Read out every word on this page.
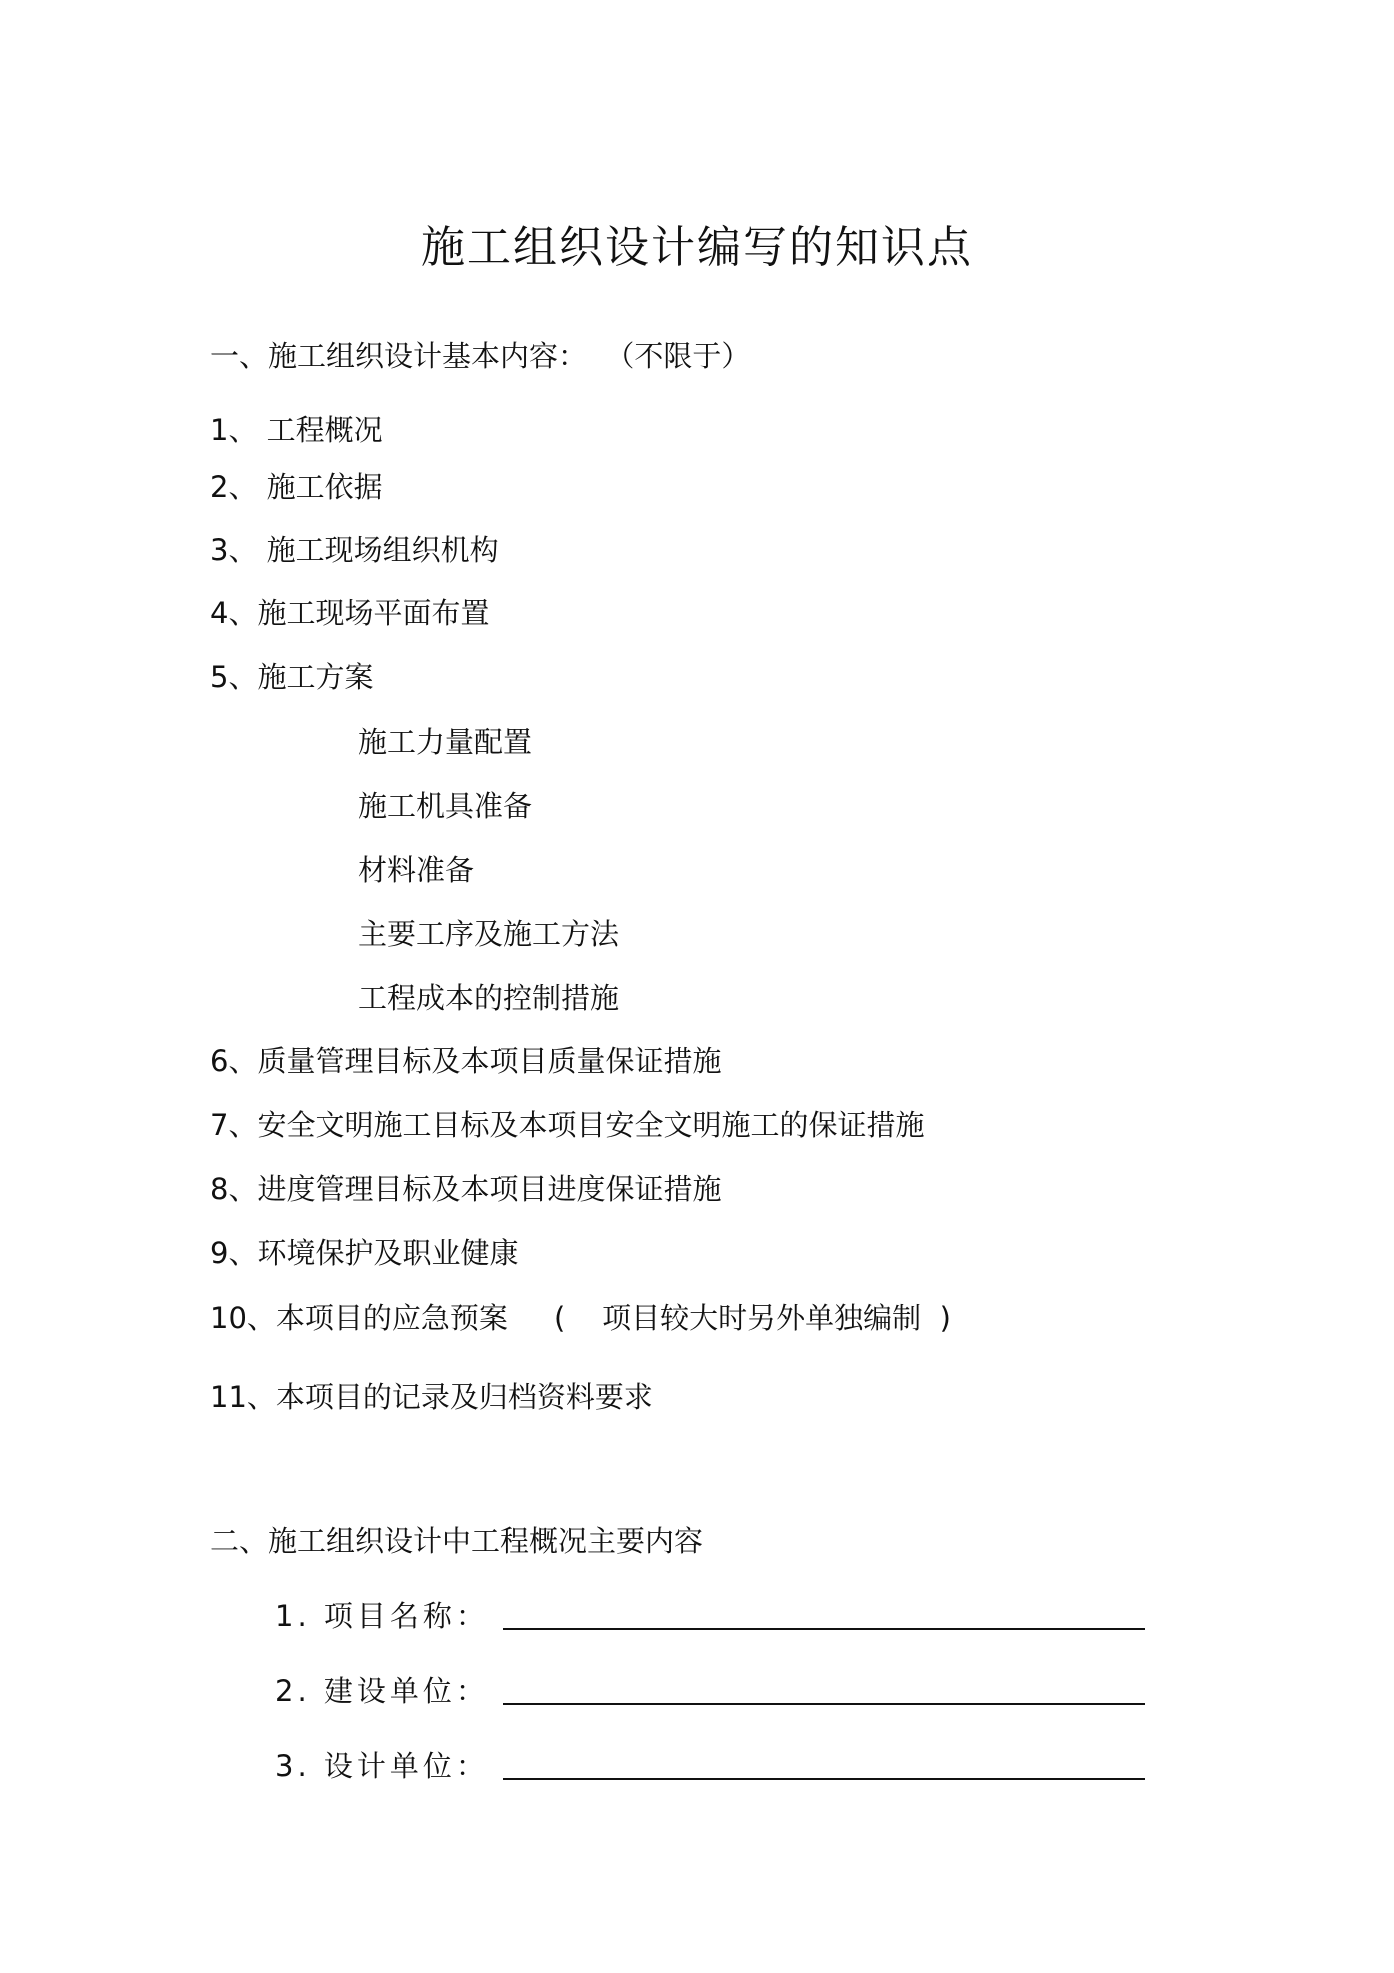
施工组织设计编写的知识点

一、施工组织设计基本内容：  （不限于）

1、 工程概况

2、 施工依据

3、 施工现场组织机构

4、施工现场平面布置

5、施工方案

施工力量配置

施工机具准备

材料准备

主要工序及施工方法

工程成本的控制措施

6、质量管理目标及本项目质量保证措施

7、安全文明施工目标及本项目安全文明施工的保证措施

8、进度管理目标及本项目进度保证措施

9、环境保护及职业健康

10、本项目的应急预案     (    项目较大时另外单独编制  )

11、本项目的记录及归档资料要求

二、施工组织设计中工程概况主要内容

1. 项目名称：
2. 建设单位：
3. 设计单位：
